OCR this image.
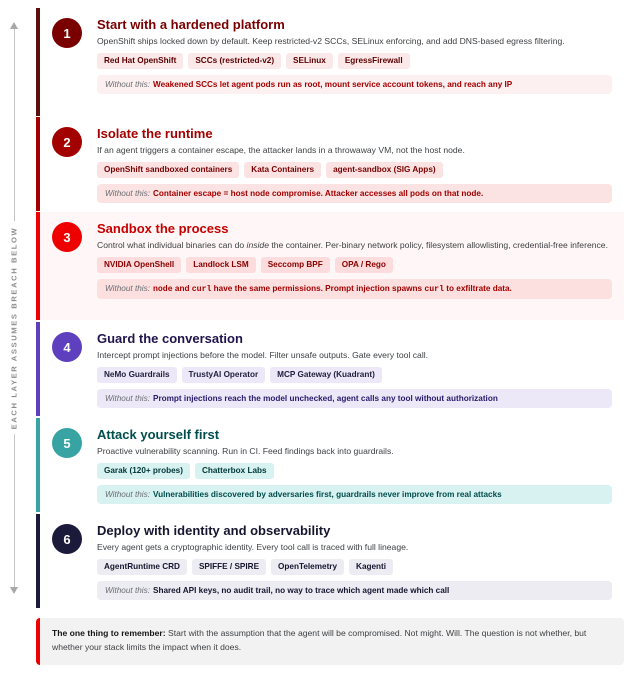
EACH LAYER ASSUMES BREACH BELOW
1
Start with a hardened platform
OpenShift ships locked down by default. Keep restricted-v2 SCCs, SELinux enforcing, and add DNS-based egress filtering.
Red Hat OpenShift	SCCs (restricted-v2)	SELinux	EgressFirewall
Without this: Weakened SCCs let agent pods run as root, mount service account tokens, and reach any IP
2
Isolate the runtime
If an agent triggers a container escape, the attacker lands in a throwaway VM, not the host node.
OpenShift sandboxed containers	Kata Containers	agent-sandbox (SIG Apps)
Without this: Container escape = host node compromise. Attacker accesses all pods on that node.
3
Sandbox the process
Control what individual binaries can do inside the container. Per-binary network policy, filesystem allowlisting, credential-free inference.
NVIDIA OpenShell	Landlock LSM	Seccomp BPF	OPA / Rego
Without this: node and curl have the same permissions. Prompt injection spawns curl to exfiltrate data.
4
Guard the conversation
Intercept prompt injections before the model. Filter unsafe outputs. Gate every tool call.
NeMo Guardrails	TrustyAI Operator	MCP Gateway (Kuadrant)
Without this: Prompt injections reach the model unchecked, agent calls any tool without authorization
5
Attack yourself first
Proactive vulnerability scanning. Run in CI. Feed findings back into guardrails.
Garak (120+ probes)	Chatterbox Labs
Without this: Vulnerabilities discovered by adversaries first, guardrails never improve from real attacks
6
Deploy with identity and observability
Every agent gets a cryptographic identity. Every tool call is traced with full lineage.
AgentRuntime CRD	SPIFFE / SPIRE	OpenTelemetry	Kagenti
Without this: Shared API keys, no audit trail, no way to trace which agent made which call
The one thing to remember: Start with the assumption that the agent will be compromised. Not might. Will. The question is not whether, but whether your stack limits the impact when it does.
